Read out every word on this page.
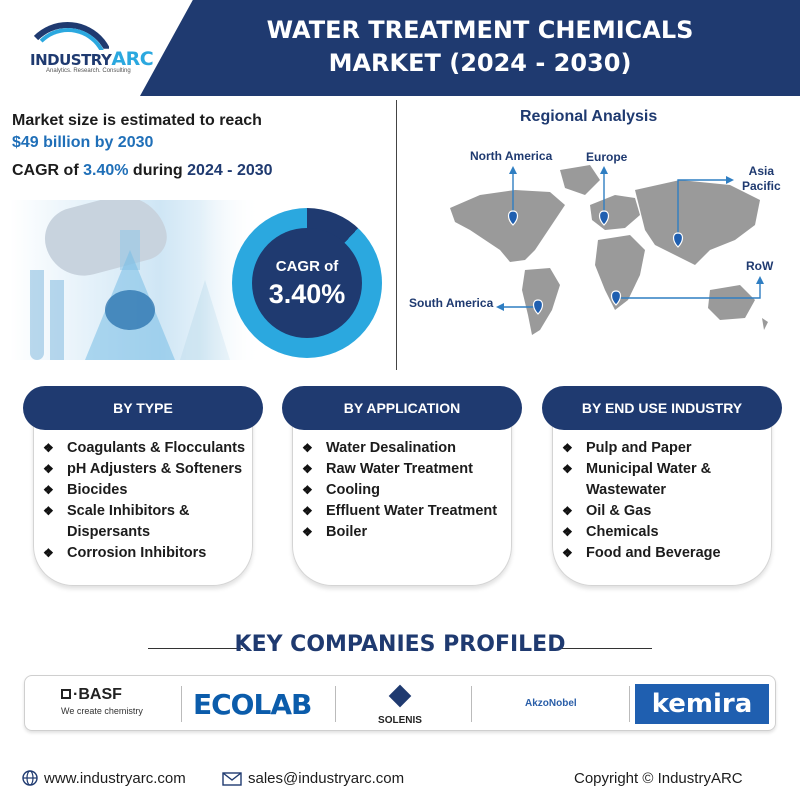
INDUSTRYARC
Analytics. Research. Consulting
WATER TREATMENT CHEMICALS
MARKET (2024 - 2030)
Market size is estimated to reach
$49 billion by 2030
CAGR of 3.40% during 2024 - 2030
CAGR of
3.40%
Regional Analysis
North America	Europe
Asia
Pacific
RoW
South America
BY TYPE
❖ Coagulants & Flocculants
❖ pH Adjusters & Softeners
❖ Biocides
❖ Scale Inhibitors & Dispersants
❖ Corrosion Inhibitors
BY APPLICATION
❖ Water Desalination
❖ Raw Water Treatment
❖ Cooling
❖ Effluent Water Treatment
❖ Boiler
BY END USE INDUSTRY
❖ Pulp and Paper
❖ Municipal Water & Wastewater
❖ Oil & Gas
❖ Chemicals
❖ Food and Beverage
KEY COMPANIES PROFILED
·BASF
We create chemistry ECOLAB	SOLENIS
AkzoNobel	kemira
www.industryarc.com	sales@industryarc.com	Copyright © IndustryARC
